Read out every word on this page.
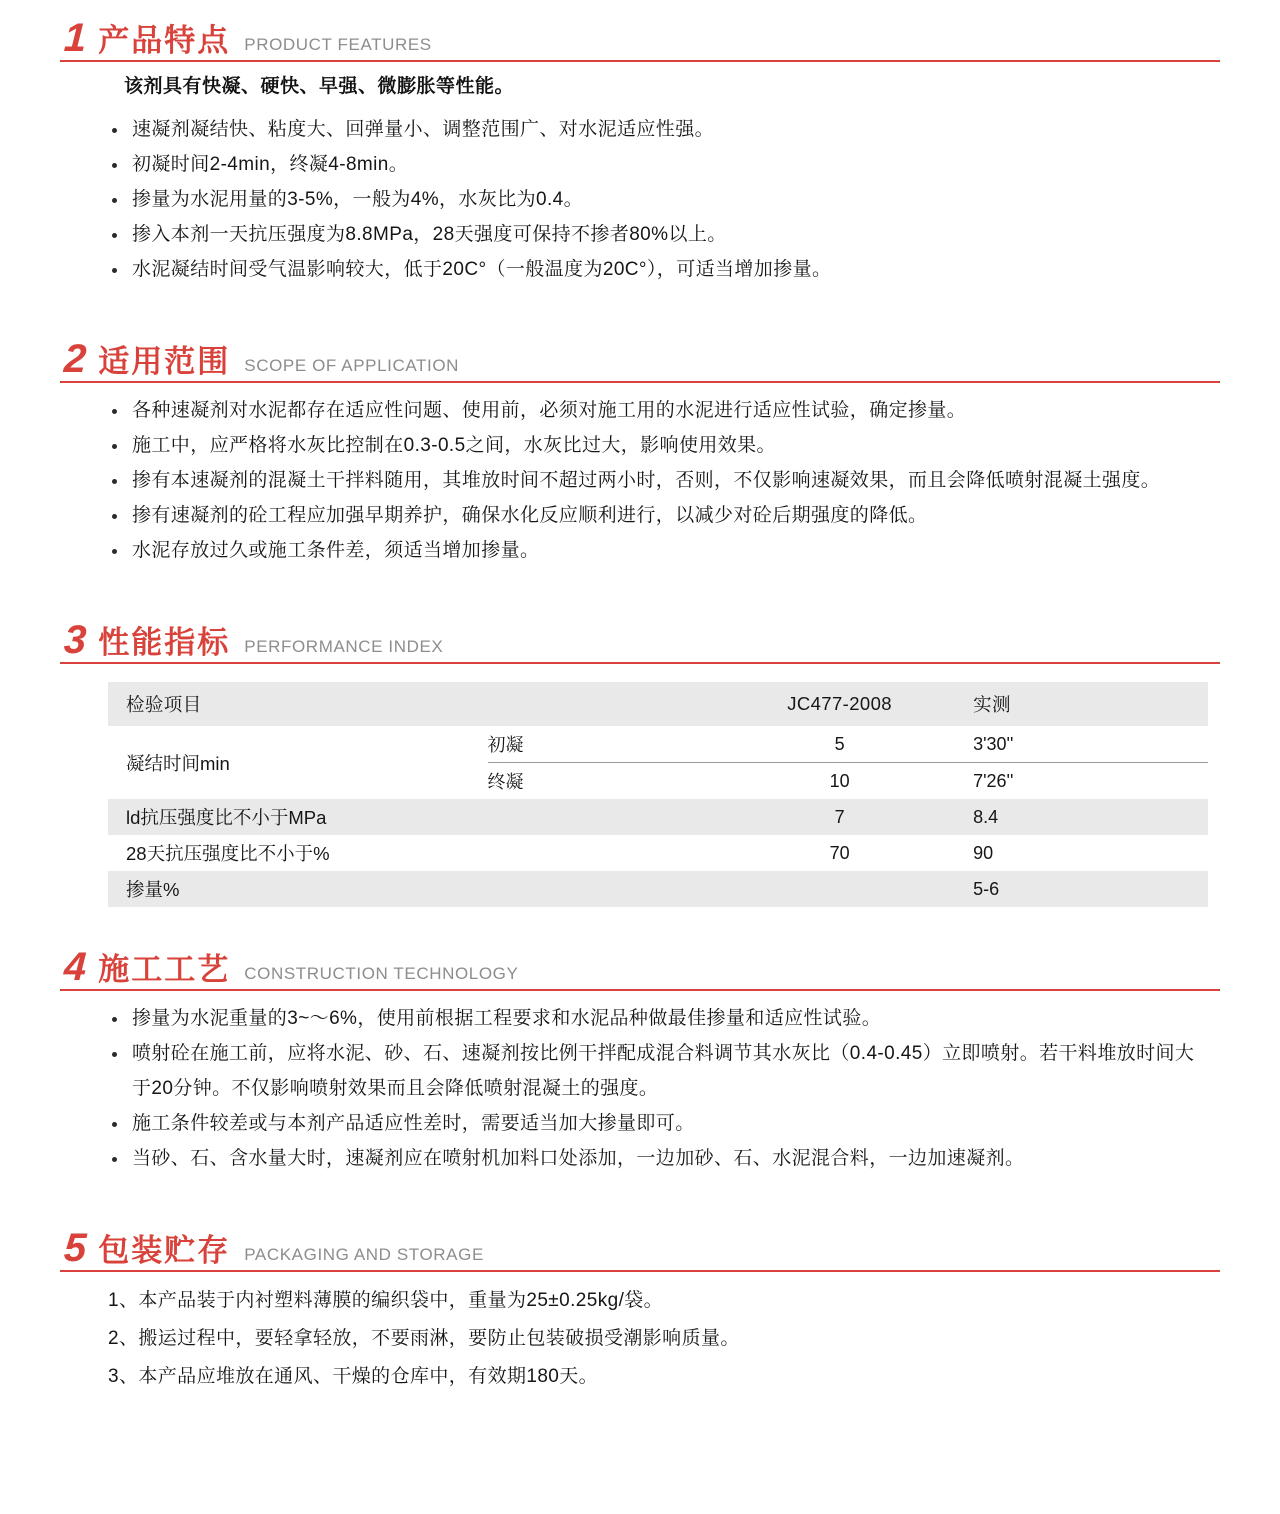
1 产品特点 PRODUCT FEATURES
该剂具有快凝、硬快、早强、微膨胀等性能。
速凝剂凝结快、粘度大、回弹量小、调整范围广、对水泥适应性强。
初凝时间2-4min，终凝4-8min。
掺量为水泥用量的3-5%，一般为4%，水灰比为0.4。
掺入本剂一天抗压强度为8.8MPa，28天强度可保持不掺者80%以上。
水泥凝结时间受气温影响较大，低于20C°（一般温度为20C°），可适当增加掺量。
2 适用范围 SCOPE OF APPLICATION
各种速凝剂对水泥都存在适应性问题、使用前，必须对施工用的水泥进行适应性试验，确定掺量。
施工中，应严格将水灰比控制在0.3-0.5之间，水灰比过大，影响使用效果。
掺有本速凝剂的混凝土干拌料随用，其堆放时间不超过两小时，否则，不仅影响速凝效果，而且会降低喷射混凝土强度。
掺有速凝剂的砼工程应加强早期养护，确保水化反应顺利进行，以减少对砼后期强度的降低。
水泥存放过久或施工条件差，须适当增加掺量。
3 性能指标 PERFORMANCE INDEX
检验项目		JC477-2008	实测
凝结时间min	初凝	5	3'30''
	终凝	10	7'26''
ld抗压强度比不小于MPa		7	8.4
28天抗压强度比不小于%		70	90
掺量%			5-6
4 施工工艺 CONSTRUCTION TECHNOLOGY
掺量为水泥重量的3~～6%，使用前根据工程要求和水泥品种做最佳掺量和适应性试验。
喷射砼在施工前，应将水泥、砂、石、速凝剂按比例干拌配成混合料调节其水灰比（0.4-0.45）立即喷射。若干料堆放时间大于20分钟。不仅影响喷射效果而且会降低喷射混凝土的强度。
施工条件较差或与本剂产品适应性差时，需要适当加大掺量即可。
当砂、石、含水量大时，速凝剂应在喷射机加料口处添加，一边加砂、石、水泥混合料，一边加速凝剂。
5 包装贮存 PACKAGING AND STORAGE
1、本产品装于内衬塑料薄膜的编织袋中，重量为25±0.25kg/袋。
2、搬运过程中，要轻拿轻放，不要雨淋，要防止包装破损受潮影响质量。
3、本产品应堆放在通风、干燥的仓库中，有效期180天。
